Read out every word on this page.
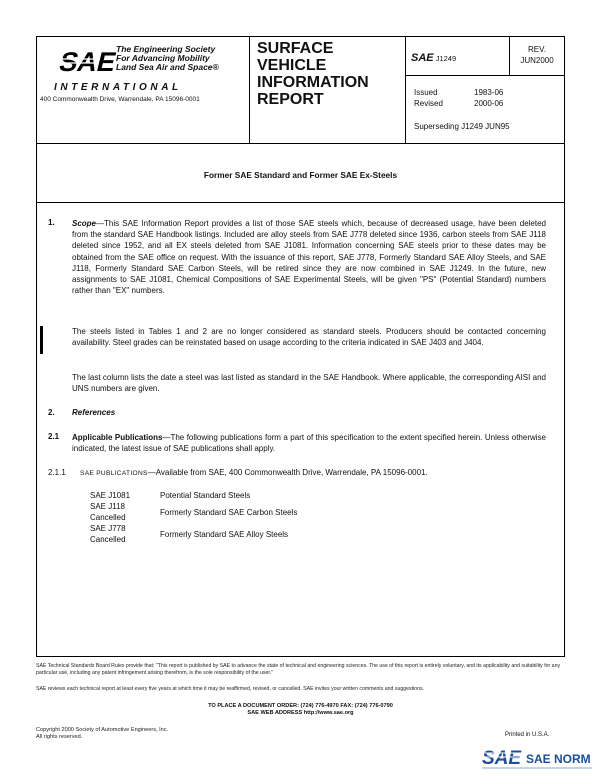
SAE
The Engineering Society
For Advancing Mobility
Land Sea Air and Space®
INTERNATIONAL
400 Commonwealth Drive, Warrendale, PA 15096-0001
SURFACE
VEHICLE
INFORMATION
REPORT
SAE J1249
REV.
JUN2000
Issued	1983-06
Revised	2000-06
Superseding J1249 JUN95
Former SAE Standard and Former SAE Ex-Steels
1. Scope—This SAE Information Report provides a list of those SAE steels which, because of decreased usage, have been deleted from the standard SAE Handbook listings. Included are alloy steels from SAE J778 deleted since 1936, carbon steels from SAE J118 deleted since 1952, and all EX steels deleted from SAE J1081. Information concerning SAE steels prior to these dates may be obtained from the SAE office on request. With the issuance of this report, SAE J778, Formerly Standard SAE Alloy Steels, and SAE J118, Formerly Standard SAE Carbon Steels, will be retired since they are now combined in SAE J1249. In the future, new assignments to SAE J1081, Chemical Compositions of SAE Experimental Steels, will be given "PS" (Potential Standard) numbers rather than "EX" numbers.
The steels listed in Tables 1 and 2 are no longer considered as standard steels. Producers should be contacted concerning availability. Steel grades can be reinstated based on usage according to the criteria indicated in SAE J403 and J404.
The last column lists the date a steel was last listed as standard in the SAE Handbook. Where applicable, the corresponding AISI and UNS numbers are given.
2. References
2.1 Applicable Publications—The following publications form a part of this specification to the extent specified herein. Unless otherwise indicated, the latest issue of SAE publications shall apply.
2.1.1 SAE PUBLICATIONS—Available from SAE, 400 Commonwealth Drive, Warrendale, PA 15096-0001.
SAE J1081	Potential Standard Steels
SAE J118 Cancelled	Formerly Standard SAE Carbon Steels
SAE J778 Cancelled	Formerly Standard SAE Alloy Steels
SAE Technical Standards Board Rules provide that: "This report is published by SAE to advance the state of technical and engineering sciences. The use of this report is entirely voluntary, and its applicability and suitability for any particular use, including any patent infringement arising therefrom, is the sole responsibility of the user."
SAE reviews each technical report at least every five years at which time it may be reaffirmed, revised, or cancelled. SAE invites your written comments and suggestions.
TO PLACE A DOCUMENT ORDER: (724) 776-4970 FAX: (724) 776-0790
SAE WEB ADDRESS http://www.sae.org
Copyright 2000 Society of Automotive Engineers, Inc.
All rights reserved.	Printed in U.S.A.
SAE SAE NORM
